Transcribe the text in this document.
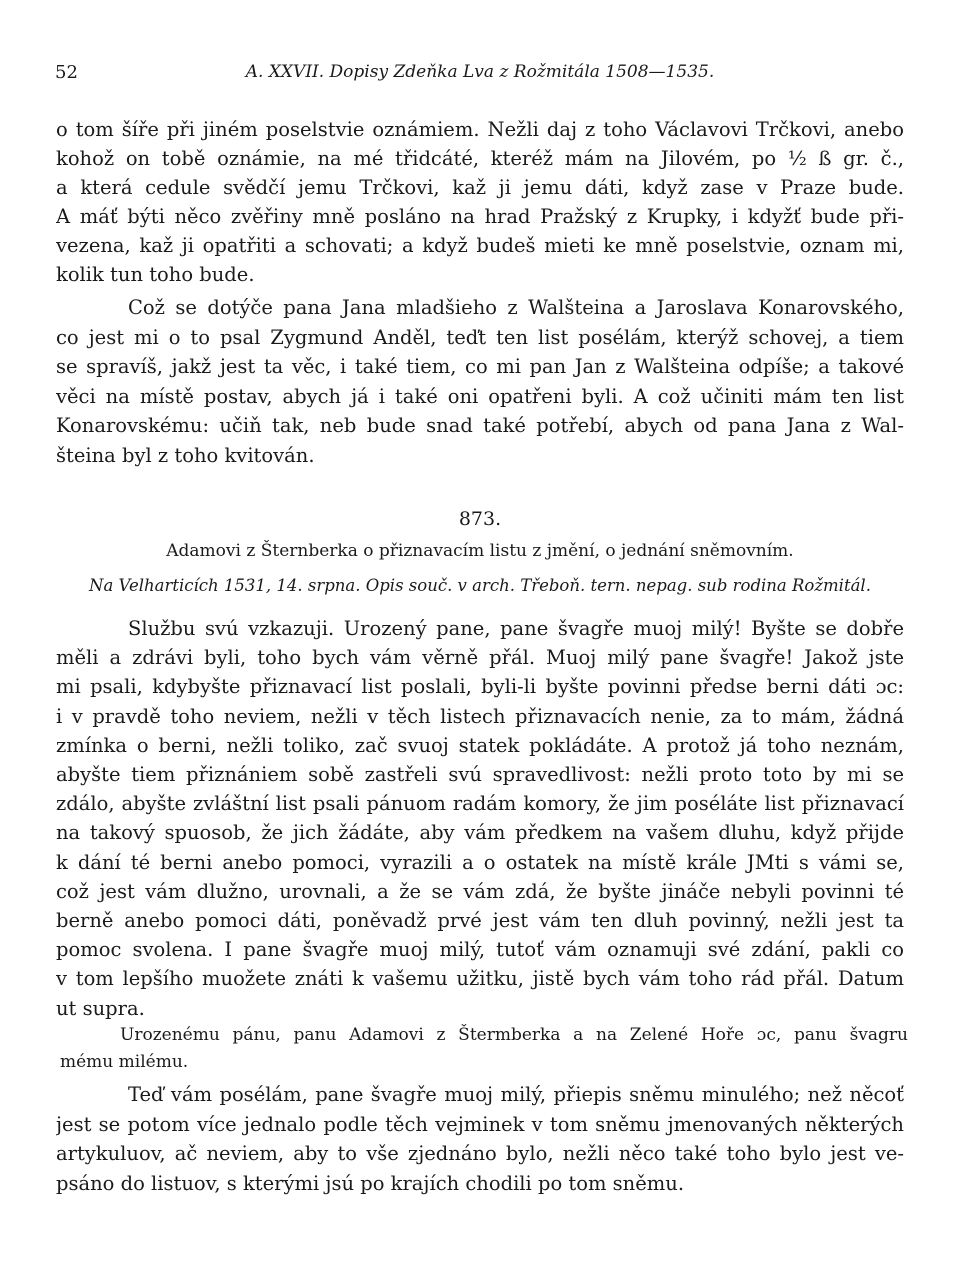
52	A. XXVII. Dopisy Zdeňka Lva z Rožmitála 1508—1535.
o tom šíře při jiném poselstvie oznámiem. Nežli daj z toho Václavovi Trčkovi, anebo
kohož on tobě oznámie, na mé třidcáté, kteréž mám na Jilovém, po ½ ß gr. č.,
a která cedule svědčí jemu Trčkovi, kaž ji jemu dáti, když zase v Praze bude.
A máť býti něco zvěřiny mně posláno na hrad Pražský z Krupky, i kdyžť bude při-
vezena, kaž ji opatřiti a schovati; a když budeš mieti ke mně poselstvie, oznam mi,
kolik tun toho bude.
Což se dotýče pana Jana mladšieho z Walšteina a Jaroslava Konarovského,
co jest mi o to psal Zygmund Anděl, teďt ten list posélám, kterýž schovej, a tiem
se spravíš, jakž jest ta věc, i také tiem, co mi pan Jan z Walšteina odpíše; a takové
věci na místě postav, abych já i také oni opatřeni byli. A což učiniti mám ten list
Konarovskému: učiň tak, neb bude snad také potřebí, abych od pana Jana z Wal-
šteina byl z toho kvitován.
873.
Adamovi z Šternberka o přiznavacím listu z jmění, o jednání sněmovním.
Na Velharticích 1531, 14. srpna. Opis souč. v arch. Třeboň. tern. nepag. sub rodina Rožmitál.
Službu svú vzkazuji. Urozený pane, pane švagře muoj milý! Byšte se dobře
měli a zdrávi byli, toho bych vám věrně přál. Muoj milý pane švagře! Jakož jste
mi psali, kdybyšte přiznavací list poslali, byli-li byšte povinni předse berni dáti ɔc:
i v pravdě toho neviem, nežli v těch listech přiznavacích nenie, za to mám, žádná
zmínka o berni, nežli toliko, zač svuoj statek pokládáte. A protož já toho neznám,
abyšte tiem přiznániem sobě zastřeli svú spravedlivost: nežli proto toto by mi se
zdálo, abyšte zvláštní list psali pánuom radám komory, že jim poséláte list přiznavací
na takový spuosob, že jich žádáte, aby vám předkem na vašem dluhu, když přijde
k dání té berni anebo pomoci, vyrazili a o ostatek na místě krále JMti s vámi se,
což jest vám dlužno, urovnali, a že se vám zdá, že byšte jináče nebyli povinni té
berně anebo pomoci dáti, poněvadž prvé jest vám ten dluh povinný, nežli jest ta
pomoc svolena. I pane švagře muoj milý, tutoť vám oznamuji své zdání, pakli co
v tom lepšího muožete znáti k vašemu užitku, jistě bych vám toho rád přál. Datum
ut supra.
Urozenému pánu, panu Adamovi z Štermberka a na Zelené Hoře ɔc, panu švagru
mému milému.
Teď vám posélám, pane švagře muoj milý, přiepis sněmu minulého; než něcoť
jest se potom více jednalo podle těch vejminek v tom sněmu jmenovaných některých
artykuluov, ač neviem, aby to vše zjednáno bylo, nežli něco také toho bylo jest ve-
psáno do listuov, s kterými jsú po krajích chodili po tom sněmu.
